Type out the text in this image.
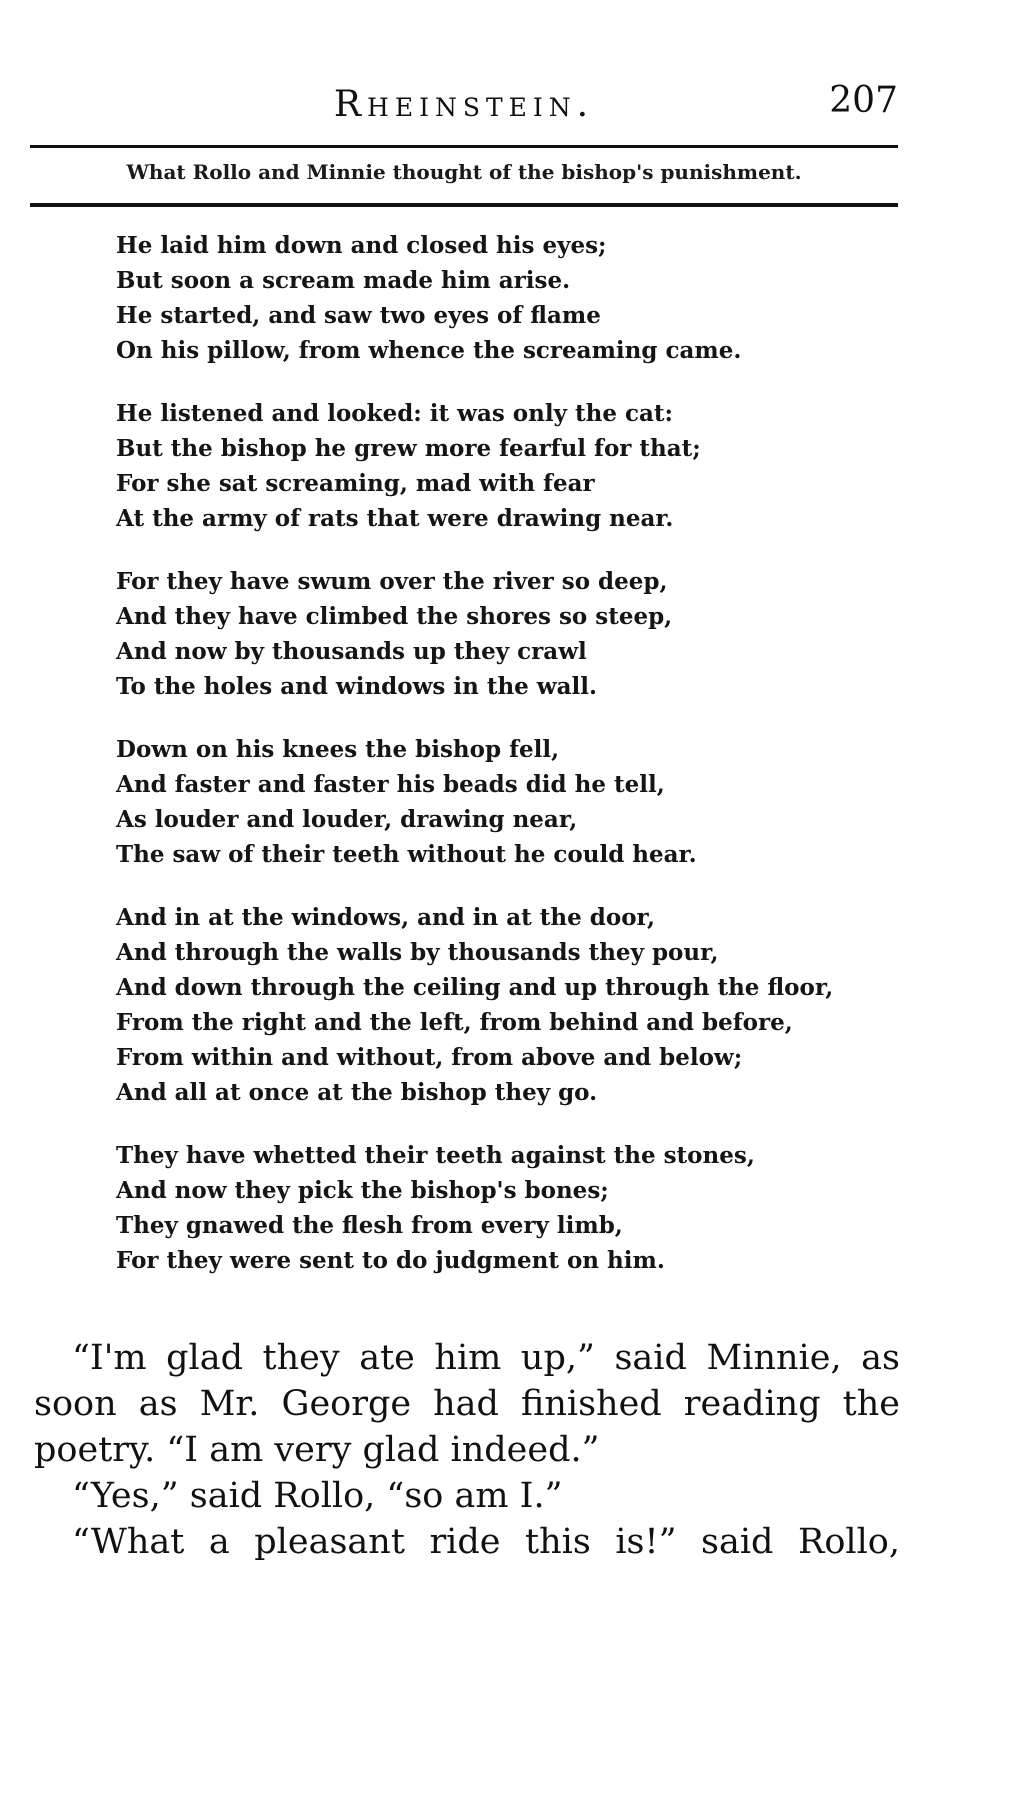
Rheinstein.	207
What Rollo and Minnie thought of the bishop's punishment.
He laid him down and closed his eyes;
But soon a scream made him arise.
He started, and saw two eyes of flame
On his pillow, from whence the screaming came.
He listened and looked: it was only the cat:
But the bishop he grew more fearful for that;
For she sat screaming, mad with fear
At the army of rats that were drawing near.
For they have swum over the river so deep,
And they have climbed the shores so steep,
And now by thousands up they crawl
To the holes and windows in the wall.
Down on his knees the bishop fell,
And faster and faster his beads did he tell,
As louder and louder, drawing near,
The saw of their teeth without he could hear.
And in at the windows, and in at the door,
And through the walls by thousands they pour,
And down through the ceiling and up through the floor,
From the right and the left, from behind and before,
From within and without, from above and below;
And all at once at the bishop they go.
They have whetted their teeth against the stones,
And now they pick the bishop's bones;
They gnawed the flesh from every limb,
For they were sent to do judgment on him.
“I'm glad they ate him up,” said Minnie, as
soon as Mr. George had finished reading the
poetry. “I am very glad indeed.”
“Yes,” said Rollo, “so am I.”
“What a pleasant ride this is!” said Rollo,
